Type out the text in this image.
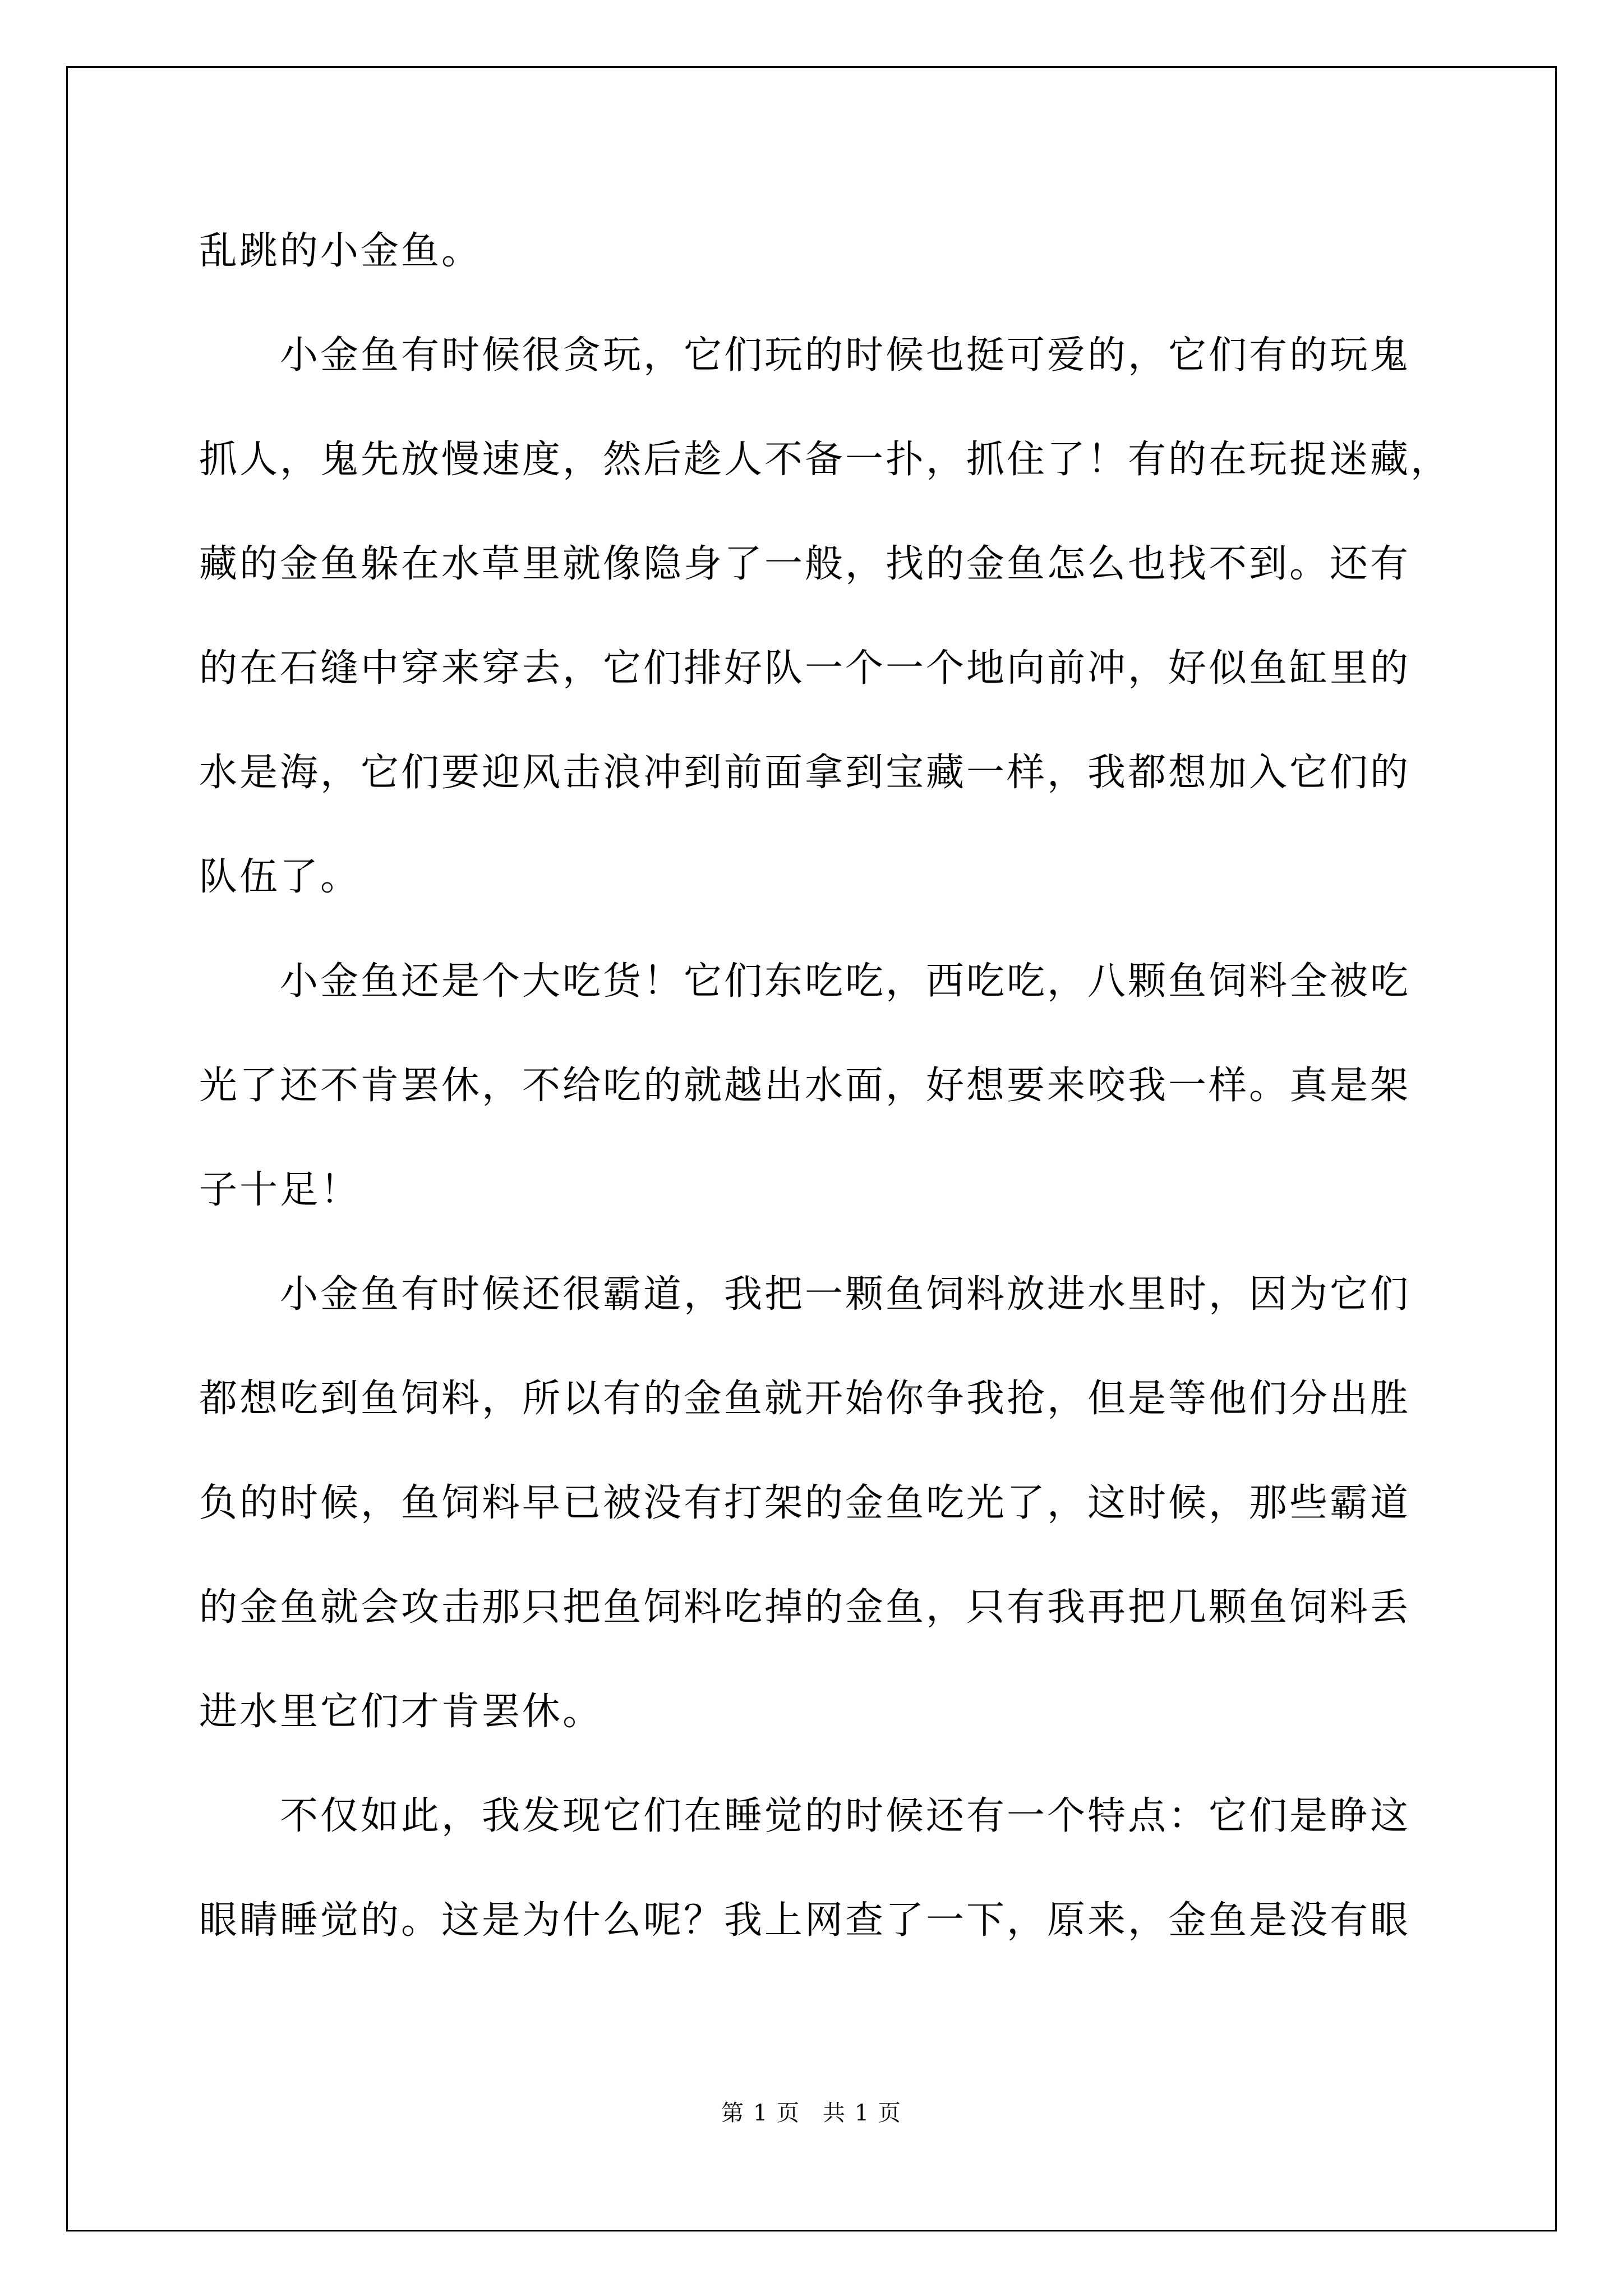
乱跳的小金鱼。
　　小金鱼有时候很贪玩，它们玩的时候也挺可爱的，它们有的玩鬼
抓人，鬼先放慢速度，然后趁人不备一扑，抓住了！有的在玩捉迷藏，
藏的金鱼躲在水草里就像隐身了一般，找的金鱼怎么也找不到。还有
的在石缝中穿来穿去，它们排好队一个一个地向前冲，好似鱼缸里的
水是海，它们要迎风击浪冲到前面拿到宝藏一样，我都想加入它们的
队伍了。
　　小金鱼还是个大吃货！它们东吃吃，西吃吃，八颗鱼饲料全被吃
光了还不肯罢休，不给吃的就越出水面，好想要来咬我一样。真是架
子十足！
　　小金鱼有时候还很霸道，我把一颗鱼饲料放进水里时，因为它们
都想吃到鱼饲料，所以有的金鱼就开始你争我抢，但是等他们分出胜
负的时候，鱼饲料早已被没有打架的金鱼吃光了，这时候，那些霸道
的金鱼就会攻击那只把鱼饲料吃掉的金鱼，只有我再把几颗鱼饲料丢
进水里它们才肯罢休。
　　不仅如此，我发现它们在睡觉的时候还有一个特点：它们是睁这
眼睛睡觉的。这是为什么呢？我上网查了一下，原来，金鱼是没有眼
第 1 页 共 1 页
